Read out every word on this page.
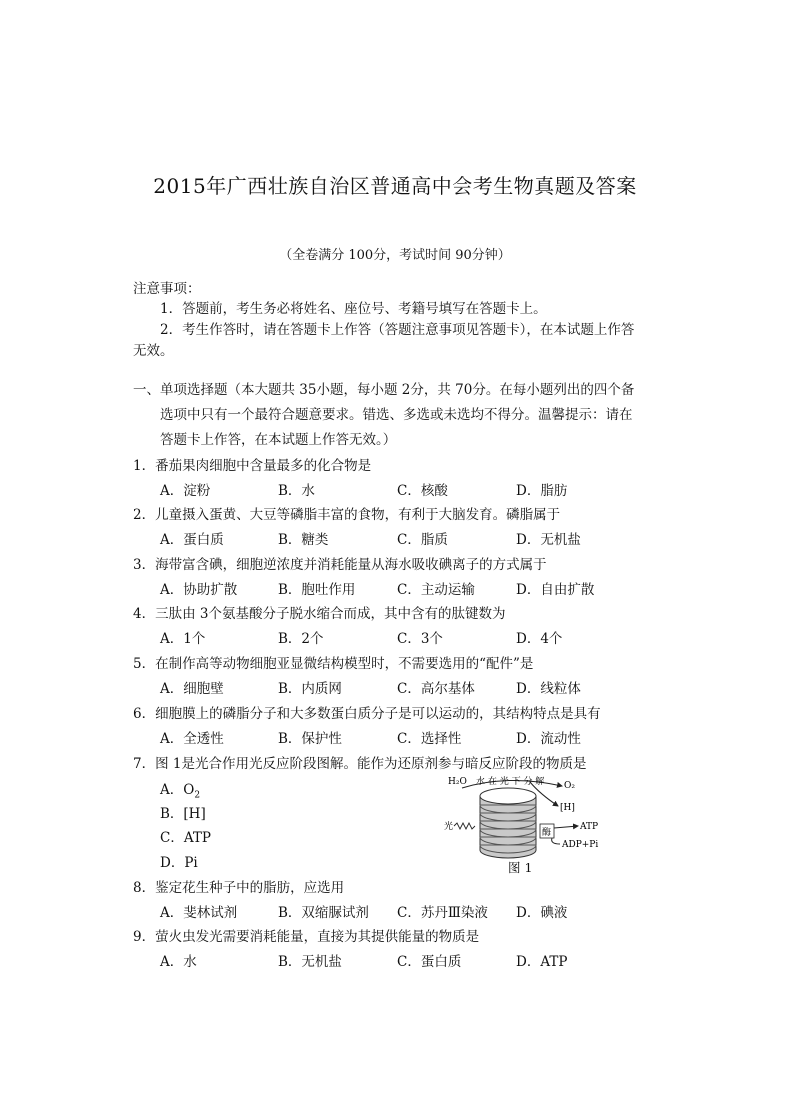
2015年广西壮族自治区普通高中会考生物真题及答案
（全卷满分 100分，考试时间 90分钟）
注意事项：
1．答题前，考生务必将姓名、座位号、考籍号填写在答题卡上。
2．考生作答时，请在答题卡上作答（答题注意事项见答题卡），在本试题上作答
无效。
一、单项选择题（本大题共 35小题，每小题 2分，共 70分。在每小题列出的四个备
选项中只有一个最符合题意要求。错选、多选或未选均不得分。温馨提示：请在
答题卡上作答，在本试题上作答无效。）
1．番茄果肉细胞中含量最多的化合物是
A．淀粉	B．水	C．核酸	D．脂肪
2．儿童摄入蛋黄、大豆等磷脂丰富的食物，有利于大脑发育。磷脂属于
A．蛋白质	B．糖类	C．脂质	D．无机盐
3．海带富含碘，细胞逆浓度并消耗能量从海水吸收碘离子的方式属于
A．协助扩散	B．胞吐作用	C．主动运输	D．自由扩散
4．三肽由 3个氨基酸分子脱水缩合而成，其中含有的肽键数为
A．1个	B．2个	C．3个	D．4个
5．在制作高等动物细胞亚显微结构模型时，不需要选用的“配件”是
A．细胞壁	B．内质网	C．高尔基体	D．线粒体
6．细胞膜上的磷脂分子和大多数蛋白质分子是可以运动的，其结构特点是具有
A．全透性	B．保护性	C．选择性	D．流动性
7．图 1是光合作用光反应阶段图解。能作为还原剂参与暗反应阶段的物质是
A．$O_2$
B．[H]
C．ATP
D．Pi
H₂O 水 在 光 下 分 解 O₂
[H]
光
酶
ATP
ADP+Pi
图 1
8．鉴定花生种子中的脂肪，应选用
A．斐林试剂	B．双缩脲试剂 C．苏丹Ⅲ染液 D．碘液
9．萤火虫发光需要消耗能量，直接为其提供能量的物质是
A．水	B．无机盐	C．蛋白质	D．ATP
